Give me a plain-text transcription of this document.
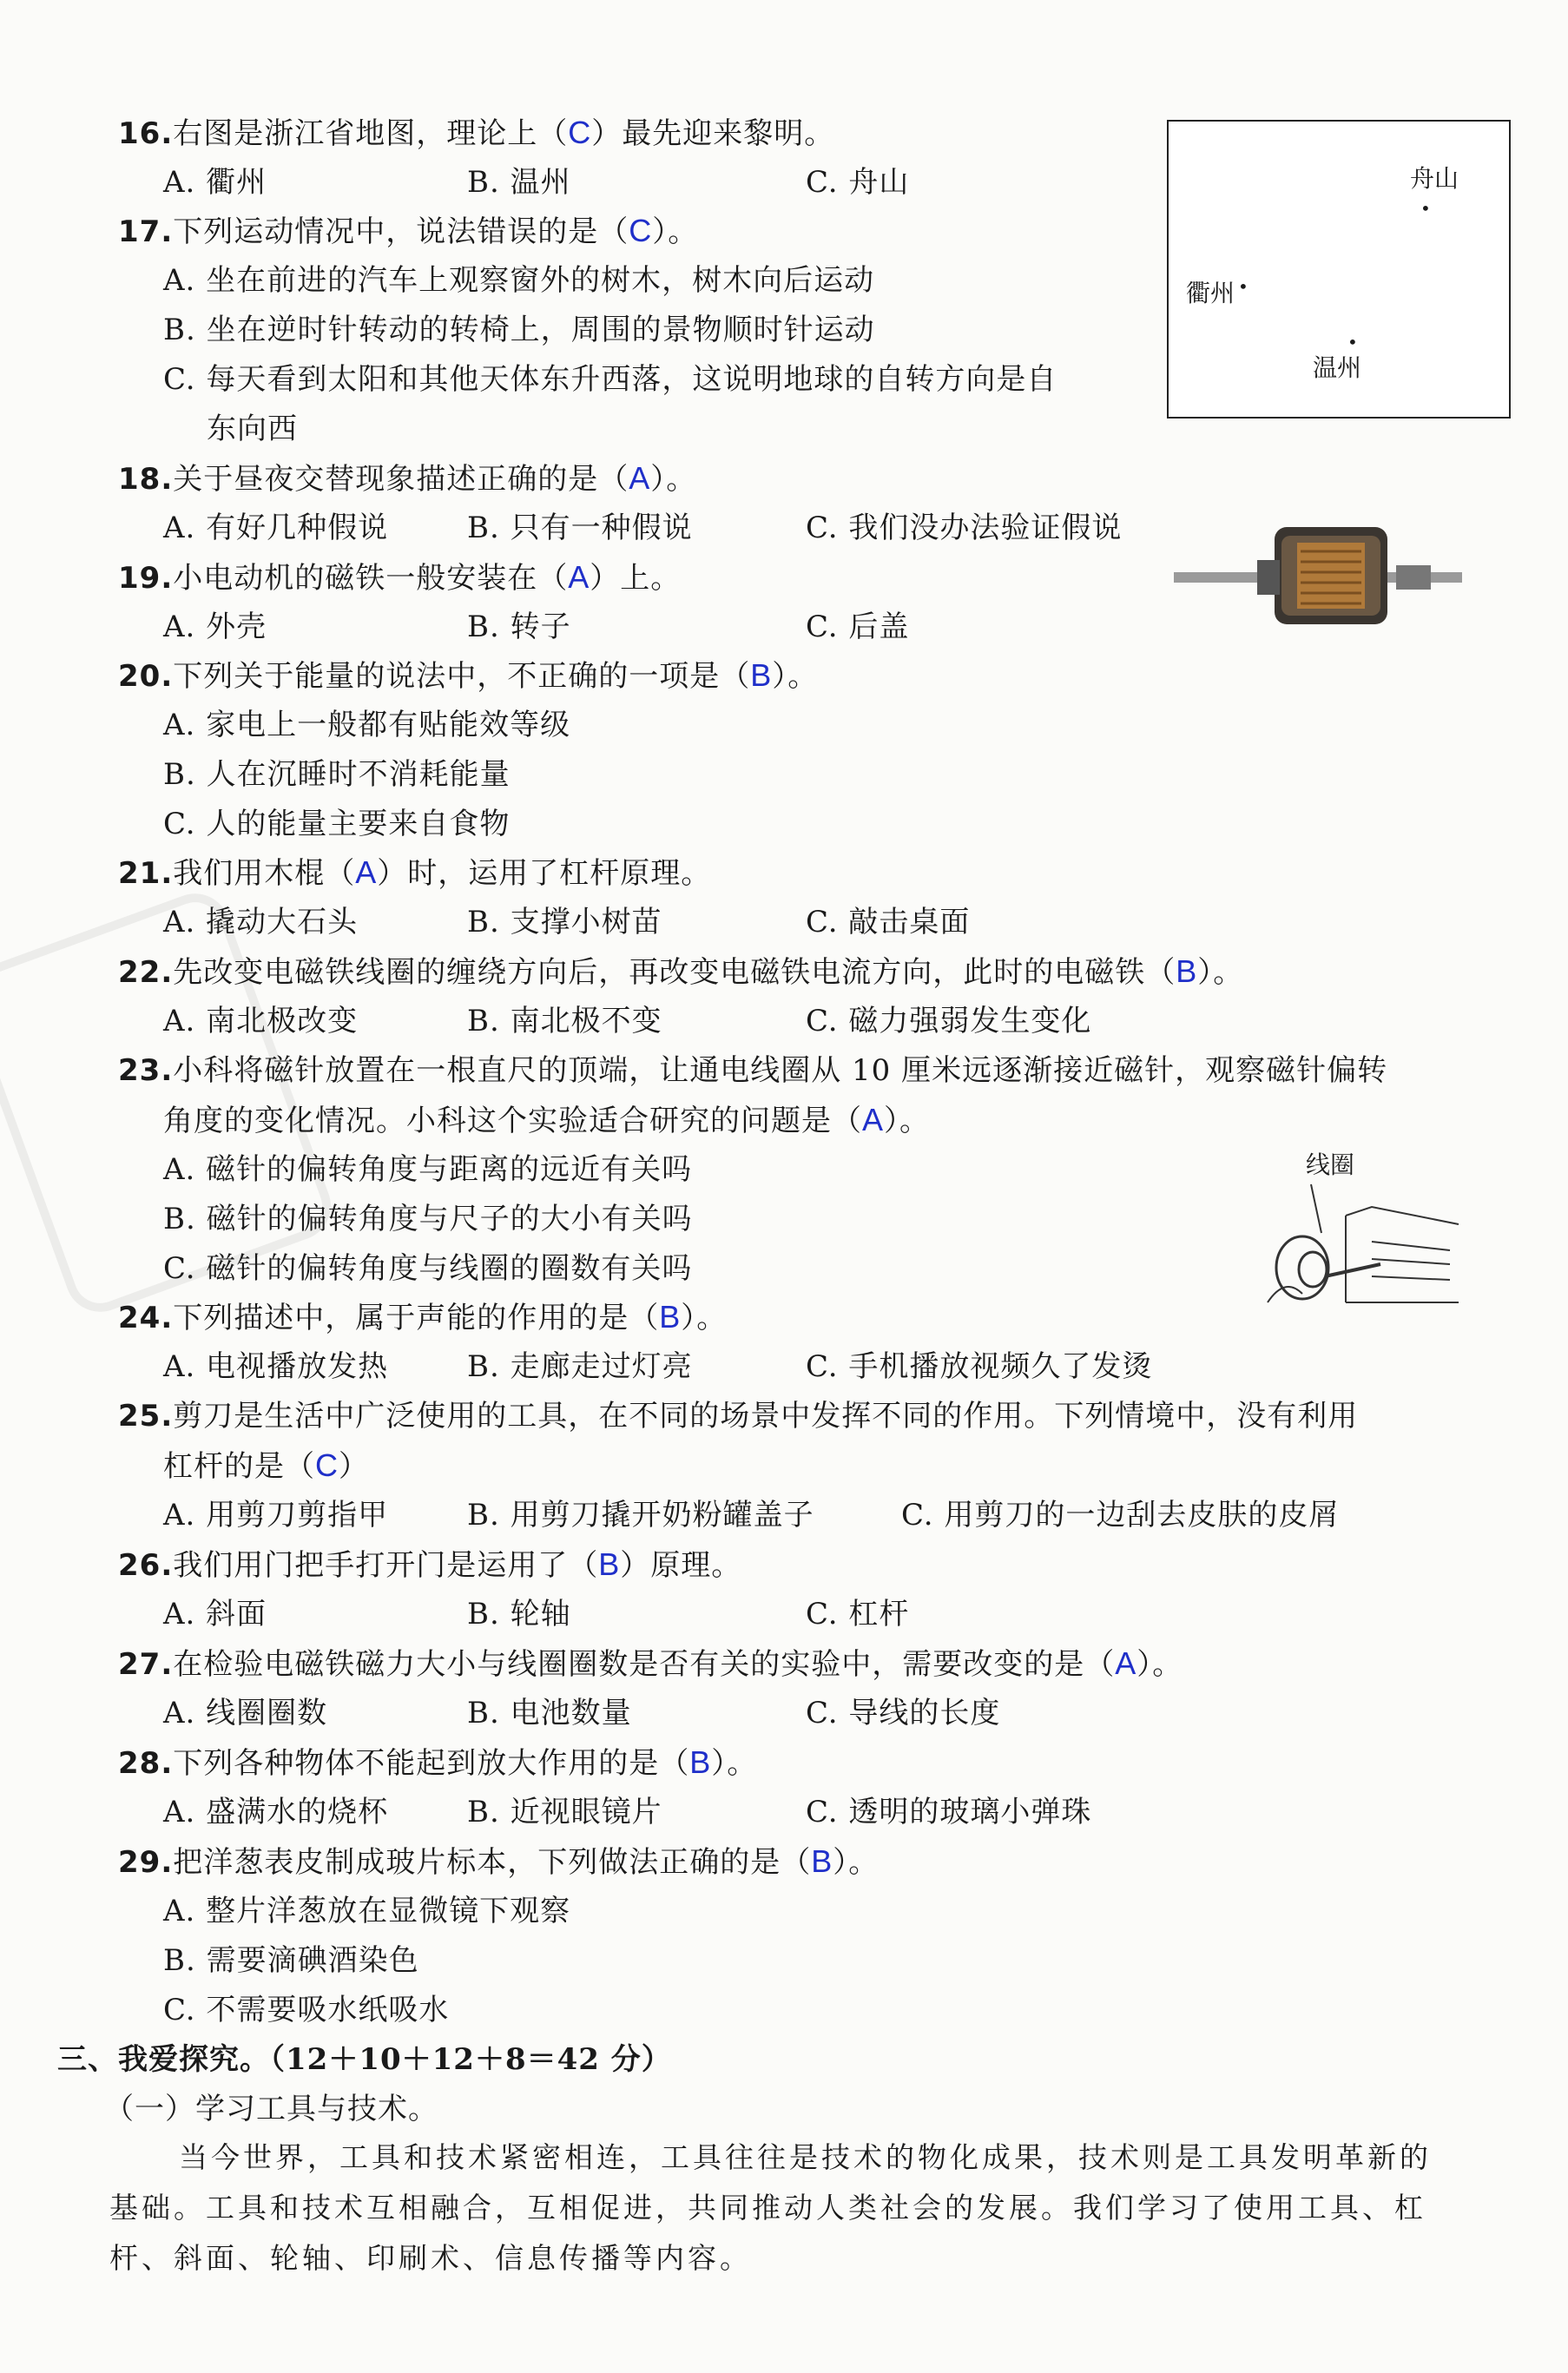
16.右图是浙江省地图，理论上（C）最先迎来黎明。
A. 衢州	B. 温州	C. 舟山	舟山
•
衢州 •
•
温州
17.下列运动情况中，说法错误的是（C）。
A. 坐在前进的汽车上观察窗外的树木，树木向后运动
B. 坐在逆时针转动的转椅上，周围的景物顺时针运动
C. 每天看到太阳和其他天体东升西落，这说明地球的自转方向是自
东向西
18.关于昼夜交替现象描述正确的是（A）。
A. 有好几种假说	B. 只有一种假说	C. 我们没办法验证假说
19.小电动机的磁铁一般安装在（A）上。
A. 外壳	B. 转子	C. 后盖
20.下列关于能量的说法中，不正确的一项是（B）。
A. 家电上一般都有贴能效等级
B. 人在沉睡时不消耗能量
C. 人的能量主要来自食物
21.我们用木棍（A）时，运用了杠杆原理。
A. 撬动大石头	B. 支撑小树苗	C. 敲击桌面
22.先改变电磁铁线圈的缠绕方向后，再改变电磁铁电流方向，此时的电磁铁（B）。
A. 南北极改变	B. 南北极不变	C. 磁力强弱发生变化
23.小科将磁针放置在一根直尺的顶端，让通电线圈从 10 厘米远逐渐接近磁针，观察磁针偏转
角度的变化情况。小科这个实验适合研究的问题是（A）。
A. 磁针的偏转角度与距离的远近有关吗
B. 磁针的偏转角度与尺子的大小有关吗
C. 磁针的偏转角度与线圈的圈数有关吗
线圈
24.下列描述中，属于声能的作用的是（B）。
A. 电视播放发热	B. 走廊走过灯亮	C. 手机播放视频久了发烫
25.剪刀是生活中广泛使用的工具，在不同的场景中发挥不同的作用。下列情境中，没有利用
杠杆的是（C）
A. 用剪刀剪指甲	B. 用剪刀撬开奶粉罐盖子	C. 用剪刀的一边刮去皮肤的皮屑
26.我们用门把手打开门是运用了（B）原理。
A. 斜面	B. 轮轴	C. 杠杆
27.在检验电磁铁磁力大小与线圈圈数是否有关的实验中，需要改变的是（A）。
A. 线圈圈数	B. 电池数量	C. 导线的长度
28.下列各种物体不能起到放大作用的是（B）。
A. 盛满水的烧杯	B. 近视眼镜片	C. 透明的玻璃小弹珠
29.把洋葱表皮制成玻片标本，下列做法正确的是（B）。
A. 整片洋葱放在显微镜下观察
B. 需要滴碘酒染色
C. 不需要吸水纸吸水
三、我爱探究。（12＋10＋12＋8＝42 分）
（一）学习工具与技术。
当今世界，工具和技术紧密相连，工具往往是技术的物化成果，技术则是工具发明革新的
基础。工具和技术互相融合，互相促进，共同推动人类社会的发展。我们学习了使用工具、杠
杆、斜面、轮轴、印刷术、信息传播等内容。
